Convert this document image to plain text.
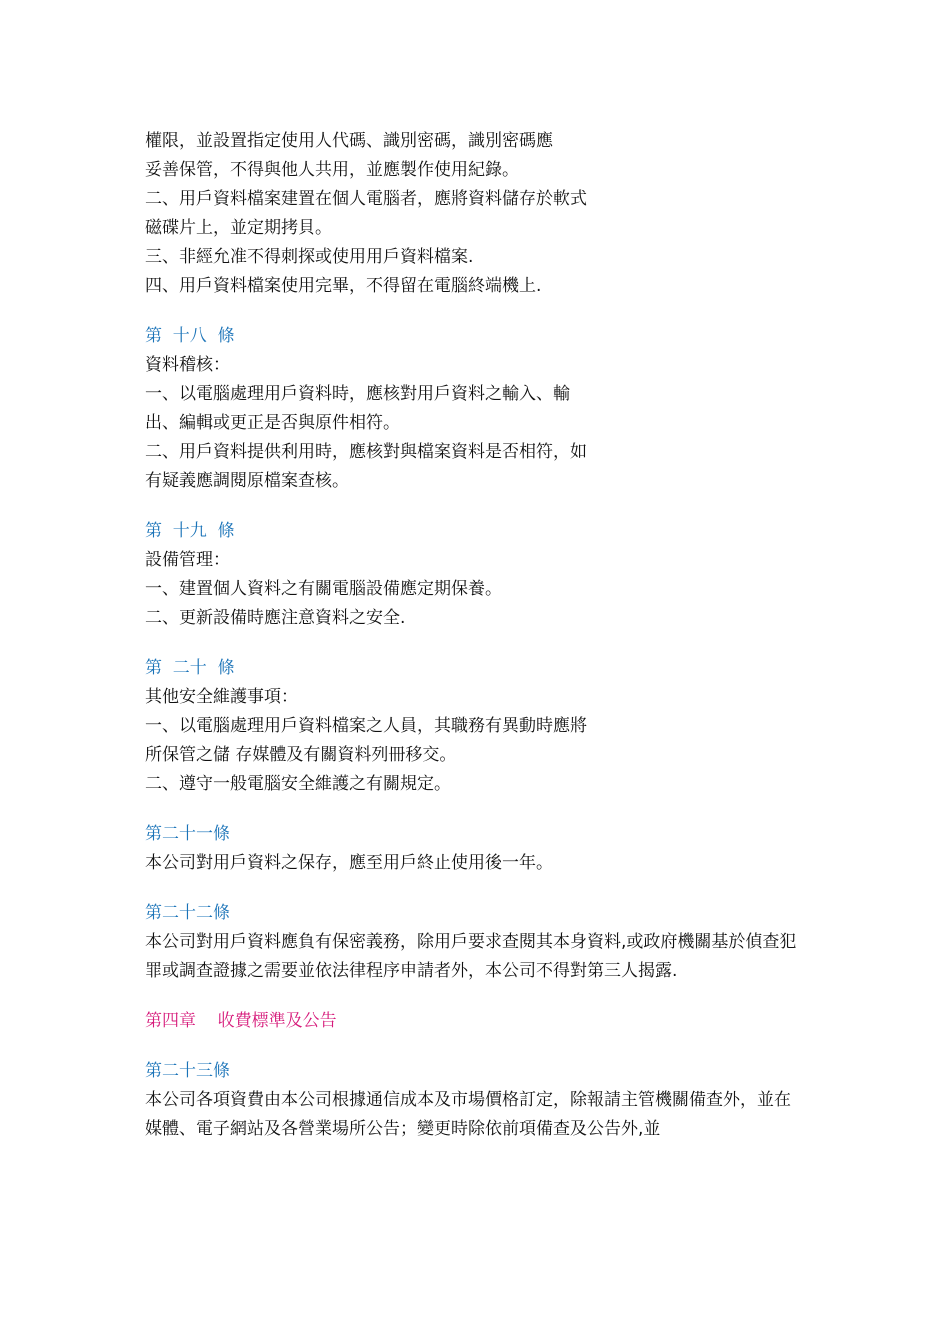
權限，並設置指定使用人代碼、識別密碼，識別密碼應
妥善保管，不得與他人共用，並應製作使用紀錄。
二、用戶資料檔案建置在個人電腦者，應將資料儲存於軟式
磁碟片上，並定期拷貝。
三、非經允准不得刺探或使用用戶資料檔案.
四、用戶資料檔案使用完畢，不得留在電腦終端機上.
第  十八  條
資料稽核：
一、以電腦處理用戶資料時，應核對用戶資料之輸入、輸
出、編輯或更正是否與原件相符。
二、用戶資料提供利用時，應核對與檔案資料是否相符，如
有疑義應調閱原檔案查核。
第  十九  條
設備管理：
一、建置個人資料之有關電腦設備應定期保養。
二、更新設備時應注意資料之安全.
第  二十  條
其他安全維護事項：
一、以電腦處理用戶資料檔案之人員，其職務有異動時應將
所保管之儲 存媒體及有關資料列冊移交。
二、遵守一般電腦安全維護之有關規定。
第二十一條
本公司對用戶資料之保存，應至用戶終止使用後一年。
第二十二條
本公司對用戶資料應負有保密義務，除用戶要求查閱其本身資料,或政府機關基於偵查犯罪或調查證據之需要並依法律程序申請者外，本公司不得對第三人揭露.
第四章    收費標準及公告
第二十三條
本公司各項資費由本公司根據通信成本及市場價格訂定，除報請主管機關備查外，並在媒體、電子網站及各營業場所公告；變更時除依前項備查及公告外,並
